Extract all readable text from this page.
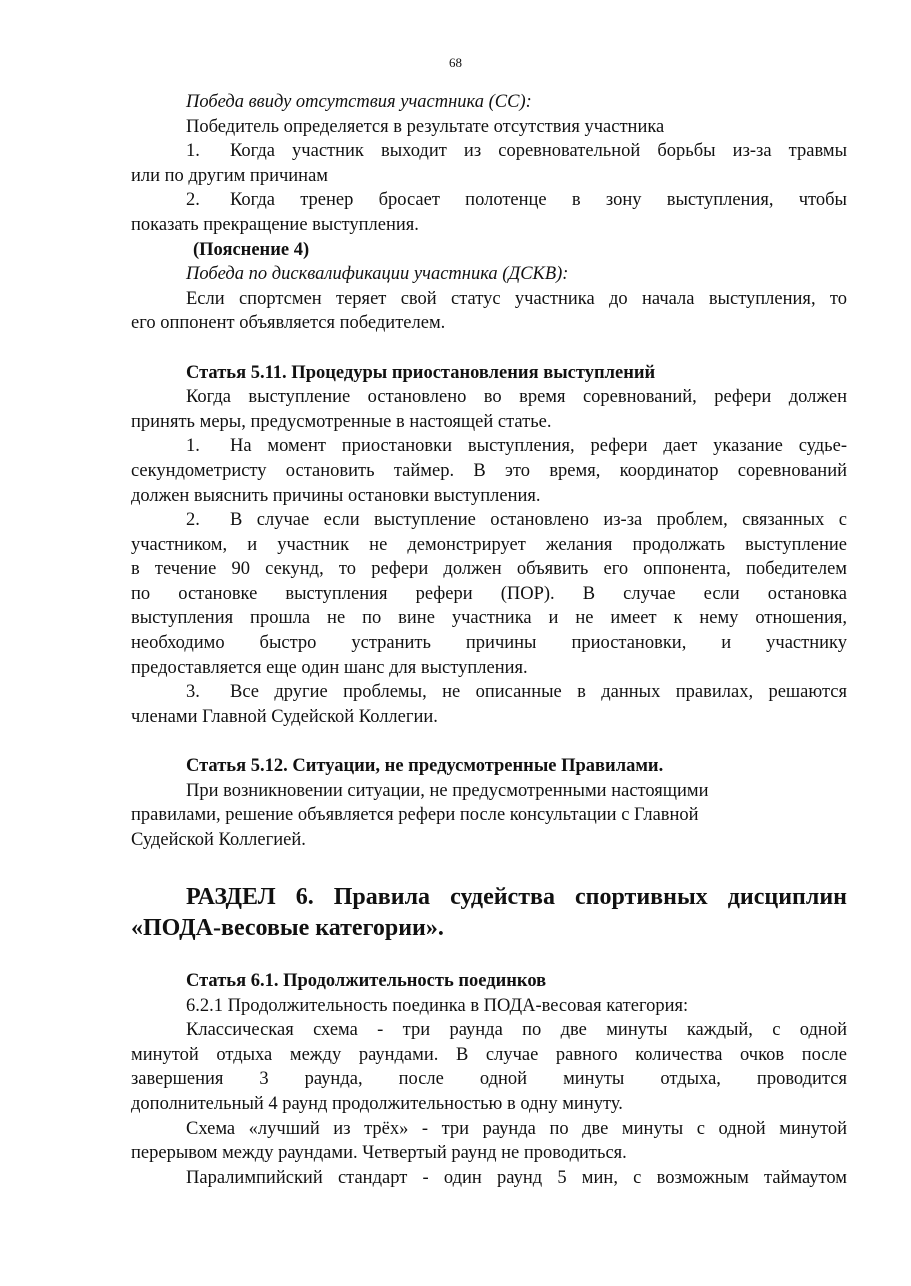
68

Победа ввиду отсутствия участника (СС):

Победитель определяется в результате отсутствия участника

1. Когда участник выходит из соревновательной борьбы из-за травмы

или по другим причинам

2. Когда тренер бросает полотенце в зону выступления, чтобы

показать прекращение выступления.

(Пояснение 4)

Победа по дисквалификации участника (ДСКВ):

Если спортсмен теряет свой статус участника до начала выступления, то

его оппонент объявляется победителем.

Статья 5.11. Процедуры приостановления выступлений

Когда выступление остановлено во время соревнований, рефери должен

принять меры, предусмотренные в настоящей статье.

1. На момент приостановки выступления, рефери дает указание судье-

секундометристу остановить таймер. В это время, координатор соревнований

должен выяснить причины остановки выступления.

2. В случае если выступление остановлено из-за проблем, связанных с

участником, и участник не демонстрирует желания продолжать выступление

в течение 90 секунд, то рефери должен объявить его оппонента, победителем

по остановке выступления рефери (ПОР). В случае если остановка

выступления прошла не по вине участника и не имеет к нему отношения,

необходимо быстро устранить причины приостановки, и участнику

предоставляется еще один шанс для выступления.

3. Все другие проблемы, не описанные в данных правилах, решаются

членами Главной Судейской Коллегии.

Статья 5.12. Ситуации, не предусмотренные Правилами.

При возникновении ситуации, не предусмотренными настоящими

правилами, решение объявляется рефери после консультации с Главной

Судейской Коллегией.

РАЗДЕЛ 6. Правила судейства спортивных дисциплин
«ПОДА-весовые категории».

Статья 6.1. Продолжительность поединков

6.2.1 Продолжительность поединка в ПОДА-весовая категория:

Классическая схема - три раунда по две минуты каждый, с одной

минутой отдыха между раундами. В случае равного количества очков после

завершения 3 раунда, после одной минуты отдыха, проводится

дополнительный 4 раунд продолжительностью в одну минуту.

Схема «лучший из трёх» - три раунда по две минуты с одной минутой

перерывом между раундами. Четвертый раунд не проводиться.

Паралимпийский стандарт - один раунд 5 мин, с возможным таймаутом
